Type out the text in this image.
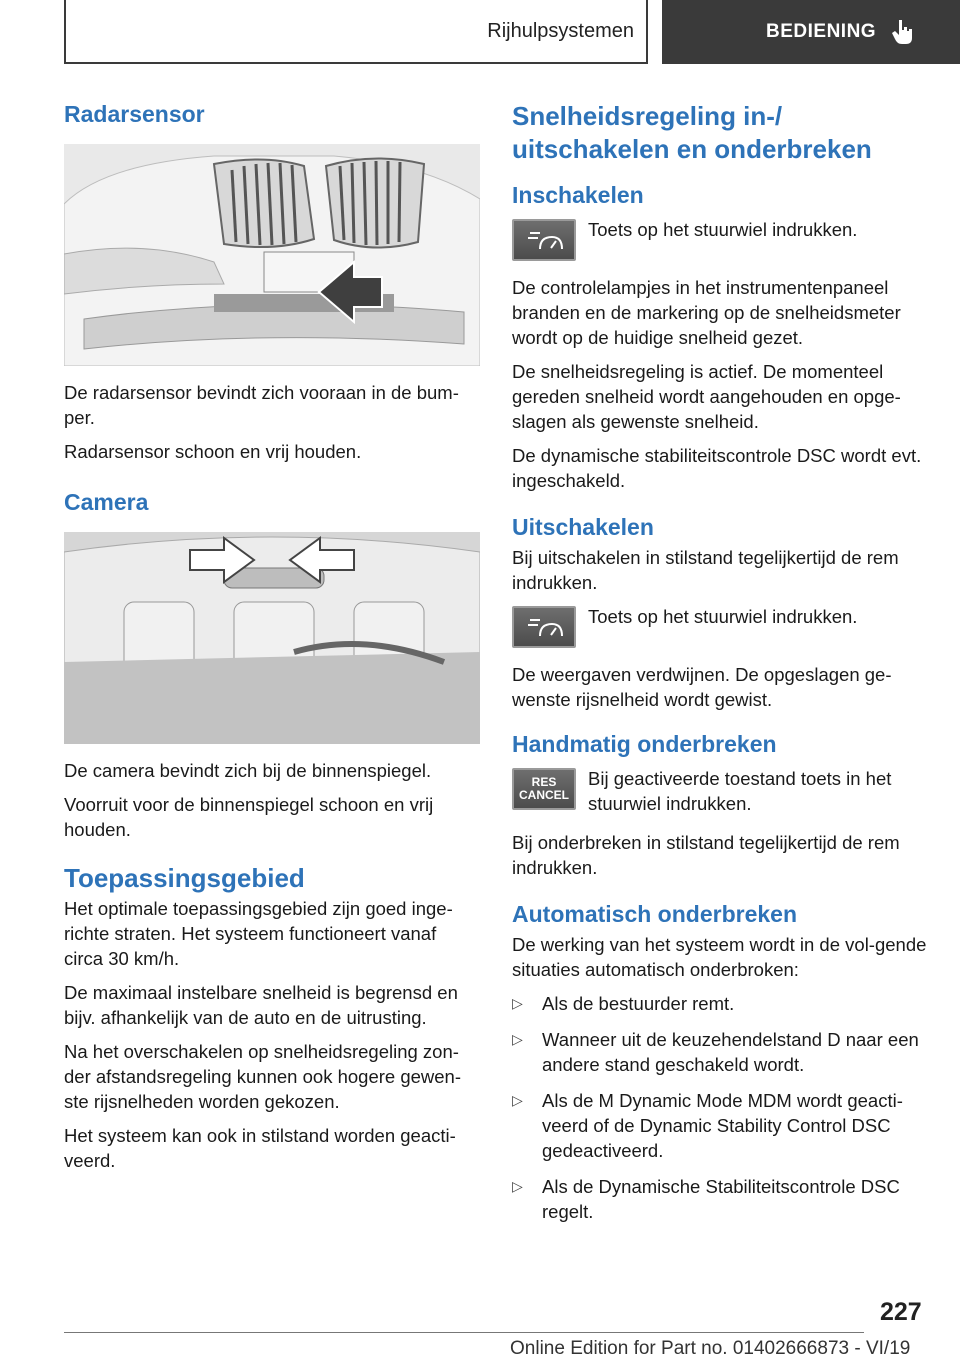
Rijhulpsystemen	BEDIENING
Radarsensor

De radarsensor bevindt zich vooraan in de bum-per.

Radarsensor schoon en vrij houden.

Camera

De camera bevindt zich bij de binnenspiegel.

Voorruit voor de binnenspiegel schoon en vrij houden.

Toepassingsgebied

Het optimale toepassingsgebied zijn goed inge-richte straten. Het systeem functioneert vanaf circa 30 km/h.

De maximaal instelbare snelheid is begrensd en bijv. afhankelijk van de auto en de uitrusting.

Na het overschakelen op snelheidsregeling zon-der afstandsregeling kunnen ook hogere gewen-ste rijsnelheden worden gekozen.

Het systeem kan ook in stilstand worden geacti-veerd.

Snelheidsregeling in-/ uitschakelen en onderbreken
Inschakelen
Toets op het stuurwiel indrukken.

De controlelampjes in het instrumentenpaneel branden en de markering op de snelheidsmeter wordt op de huidige snelheid gezet.

De snelheidsregeling is actief. De momenteel gereden snelheid wordt aangehouden en opge-slagen als gewenste snelheid.

De dynamische stabiliteitscontrole DSC wordt evt. ingeschakeld.

Uitschakelen

Bij uitschakelen in stilstand tegelijkertijd de rem indrukken.

Toets op het stuurwiel indrukken.

De weergaven verdwijnen. De opgeslagen ge-wenste rijsnelheid wordt gewist.

Handmatig onderbreken
RES
CANCEL
Bij geactiveerde toestand toets in het stuurwiel indrukken.

Bij onderbreken in stilstand tegelijkertijd de rem indrukken.

Automatisch onderbreken

De werking van het systeem wordt in de vol-gende situaties automatisch onderbroken:

▷ Als de bestuurder remt.
▷ Wanneer uit de keuzehendelstand D naar een andere stand geschakeld wordt.
▷ Als de M Dynamic Mode MDM wordt geacti-veerd of de Dynamic Stability Control DSC gedeactiveerd.
▷ Als de Dynamische Stabiliteitscontrole DSC regelt.
227
Online Edition for Part no. 01402666873 - VI/19
